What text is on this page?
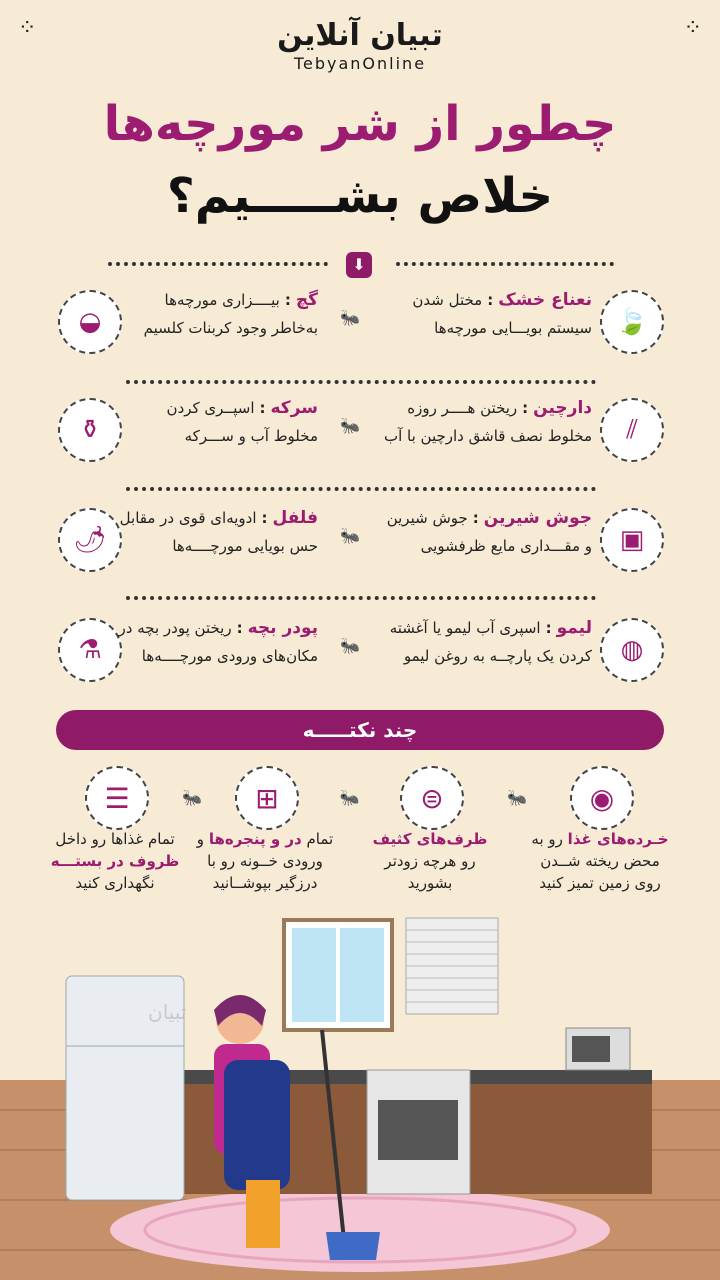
⁘	⁘
تبیان آنلاین
TebyanOnline
چطور از شر مورچه‌ها
خلاص بشـــــیم؟
⬇
🍃
نعناع خشک:مختل شدن
سیستم بویـــایی مورچه‌ها
◒
گچ:بیــــزاری مورچه‌ها
به‌خاطر وجود کربنات کلسیم
🐜
⫽
دارچین:ریختن هــــر روزه
مخلوط نصف قاشق دارچین با آب
⚱
سرکه:اسپــری کردن
مخلوط آب و ســـرکه
🐜
▣
جوش شیرین:جوش شیرین
و مقـــداری مایع ظرفشویی
🌶
فلفل:ادویه‌ای قوی در مقابل
حس بویایی مورچــــه‌ها
🐜
◍
لیمو:اسپری آب لیمو یا آغشته
کردن یک پارچــه به روغن لیمو
⚗
پودر بچه:ریختن پودر بچه در
مکان‌های ورودی مورچــــه‌ها
🐜
چند نکتـــــه
◉
خـرده‌های غذا رو به
محض ریخته شــدن
روی زمین تمیز کنید
🐜
⊜
ظرف‌های کثیف
رو هرچه زودتر
بشورید
🐜
⊞
تمام در و پنجره‌ها و
ورودی خــونه رو با
درزگیر بپوشــانید
🐜
☰
تمام غذاها رو داخل
ظروف در بستـــه
نگهداری کنید
تبیان
